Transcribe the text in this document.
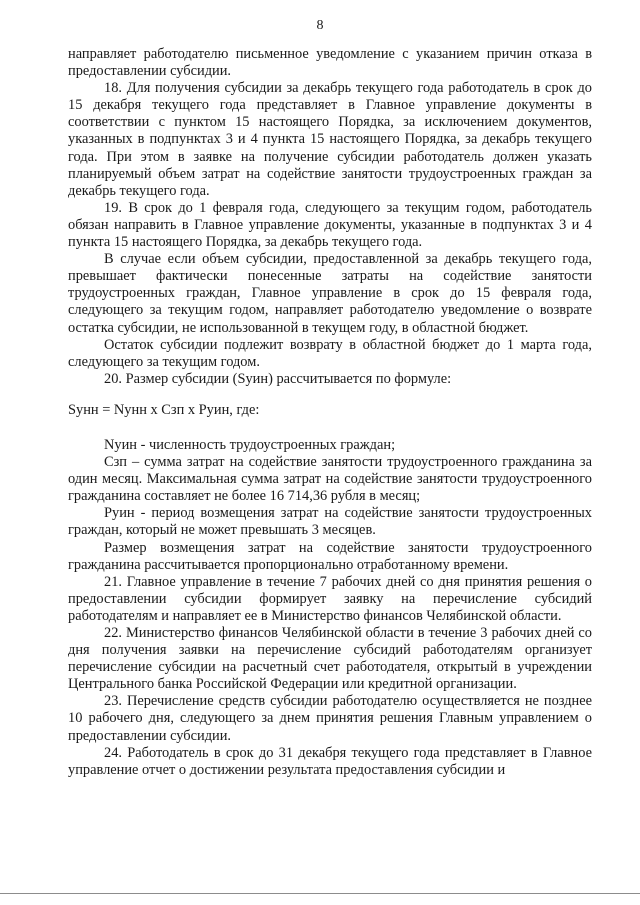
8

направляет работодателю письменное уведомление с указанием причин отказа в предоставлении субсидии.

18. Для получения субсидии за декабрь текущего года работодатель в срок до 15 декабря текущего года представляет в Главное управление документы в соответствии с пунктом 15 настоящего Порядка, за исключением документов, указанных в подпунктах 3 и 4 пункта 15 настоящего Порядка, за декабрь текущего года. При этом в заявке на получение субсидии работодатель должен указать планируемый объем затрат на содействие занятости трудоустроенных граждан за декабрь текущего года.

19. В срок до 1 февраля года, следующего за текущим годом, работодатель обязан направить в Главное управление документы, указанные в подпунктах 3 и 4 пункта 15 настоящего Порядка, за декабрь текущего года.

В случае если объем субсидии, предоставленной за декабрь текущего года, превышает фактически понесенные затраты на содействие занятости трудоустроенных граждан, Главное управление в срок до 15 февраля года, следующего за текущим годом, направляет работодателю уведомление о возврате остатка субсидии, не использованной в текущем году, в областной бюджет.

Остаток субсидии подлежит возврату в областной бюджет до 1 марта года, следующего за текущим годом.

20. Размер субсидии (Sуин) рассчитывается по формуле:

Sунн = Nунн х Сзп х Руин, где:

Nуин - численность трудоустроенных граждан;

Сзп – сумма затрат на содействие занятости трудоустроенного гражданина за один месяц. Максимальная сумма затрат на содействие занятости трудоустроенного гражданина составляет не более 16 714,36 рубля в месяц;

Руин - период возмещения затрат на содействие занятости трудоустроенных граждан, который не может превышать 3 месяцев.

Размер возмещения затрат на содействие занятости трудоустроенного гражданина рассчитывается пропорционально отработанному времени.

21. Главное управление в течение 7 рабочих дней со дня принятия решения о предоставлении субсидии формирует заявку на перечисление субсидий работодателям и направляет ее в Министерство финансов Челябинской области.

22. Министерство финансов Челябинской области в течение 3 рабочих дней со дня получения заявки на перечисление субсидий работодателям организует перечисление субсидии на расчетный счет работодателя, открытый в учреждении Центрального банка Российской Федерации или кредитной организации.

23. Перечисление средств субсидии работодателю осуществляется не позднее 10 рабочего дня, следующего за днем принятия решения Главным управлением о предоставлении субсидии.

24. Работодатель в срок до 31 декабря текущего года представляет в Главное управление отчет о достижении результата предоставления субсидии и
